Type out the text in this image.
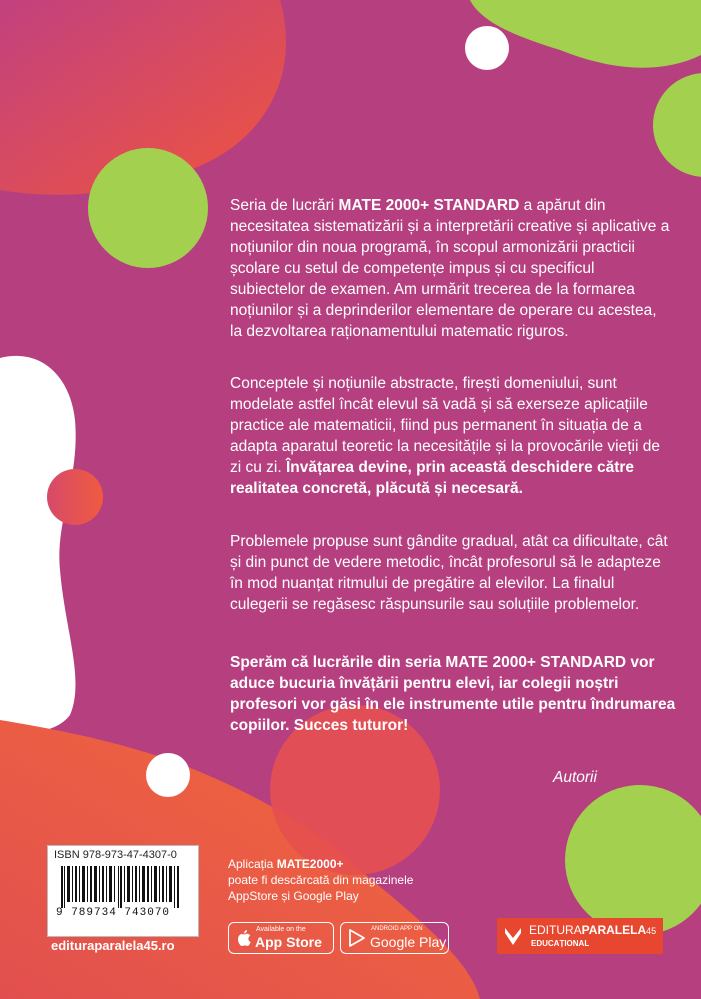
Seria de lucrări MATE 2000+ STANDARD a apărut din necesitatea sistematizării și a interpretării creative și aplicative a noțiunilor din noua programă, în scopul armonizării practicii școlare cu setul de competențe impus și cu specificul subiectelor de examen. Am urmărit trecerea de la formarea noțiunilor și a deprinderilor elementare de operare cu acestea, la dezvoltarea raționamentului matematic riguros.

Conceptele și noțiunile abstracte, firești domeniului, sunt modelate astfel încât elevul să vadă și să exerseze aplicațiile practice ale matematicii, fiind pus permanent în situația de a adapta aparatul teoretic la necesitățile și la provocările vieții de zi cu zi. Învățarea devine, prin această deschidere către realitatea concretă, plăcută și necesară.

Problemele propuse sunt gândite gradual, atât ca dificultate, cât și din punct de vedere metodic, încât profesorul să le adapteze în mod nuanțat ritmului de pregătire al elevilor. La finalul culegerii se regăsesc răspunsurile sau soluțiile problemelor.

Sperăm că lucrările din seria MATE 2000+ STANDARD vor aduce bucuria învățării pentru elevi, iar colegii noștri profesori vor găsi în ele instrumente utile pentru îndrumarea copiilor. Succes tuturor!

Autorii
ISBN 978-973-47-4307-0
9 789734 743070
edituraparalela45.ro
Aplicația MATE2000+
poate fi descărcată din magazinele
AppStore și Google Play
Available on the
App Store
ANDROID APP ON
Google Play
EDITURAPARALELA45
EDUCAȚIONAL
